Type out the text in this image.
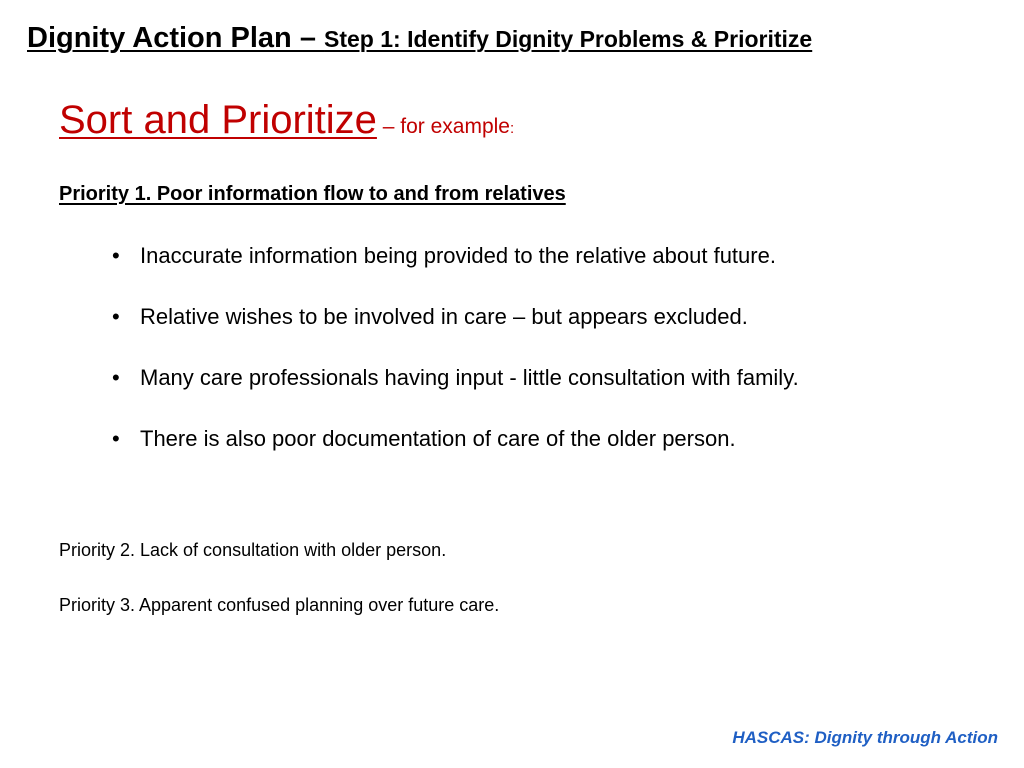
Dignity Action Plan – Step 1: Identify Dignity Problems & Prioritize
Sort and Prioritize – for example:
Priority 1. Poor information flow to and from relatives
• Inaccurate information being provided to the relative about future.
• Relative wishes to be involved in care – but appears excluded.
• Many care professionals having input - little consultation with family.
• There is also poor documentation of care of the older person.
Priority 2. Lack of consultation with older person.
Priority 3. Apparent confused planning over future care.
HASCAS: Dignity through Action
